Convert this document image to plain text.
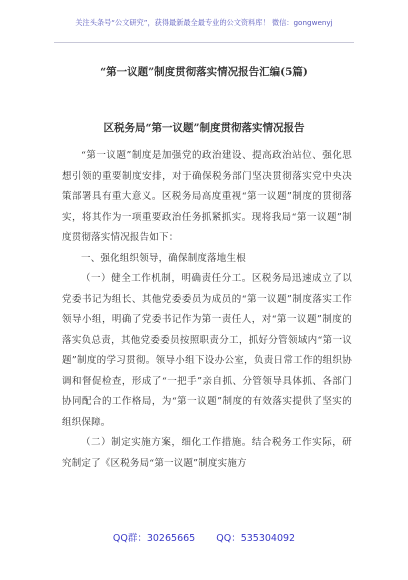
关注头条号“公文研究”，获得最新最全最专业的公文资料库！ 微信：gongwenyj
“第一议题”制度贯彻落实情况报告汇编(5篇)
区税务局“第一议题”制度贯彻落实情况报告

“第一议题”制度是加强党的政治建设、提高政治站位、强化思想引领的重要制度安排，对于确保税务部门坚决贯彻落实党中央决策部署具有重大意义。区税务局高度重视“第一议题”制度的贯彻落实，将其作为一项重要政治任务抓紧抓实。现将我局“第一议题”制度贯彻落实情况报告如下：

一、强化组织领导，确保制度落地生根

（一）健全工作机制，明确责任分工。区税务局迅速成立了以党委书记为组长、其他党委委员为成员的“第一议题”制度落实工作领导小组，明确了党委书记作为第一责任人，对“第一议题”制度的落实负总责，其他党委委员按照职责分工，抓好分管领域内“第一议题”制度的学习贯彻。领导小组下设办公室，负责日常工作的组织协调和督促检查，形成了“一把手”亲自抓、分管领导具体抓、各部门协同配合的工作格局，为“第一议题”制度的有效落实提供了坚实的组织保障。

（二）制定实施方案，细化工作措施。结合税务工作实际，研究制定了《区税务局“第一议题”制度实施方

QQ群：30265665 QQ：535304092
